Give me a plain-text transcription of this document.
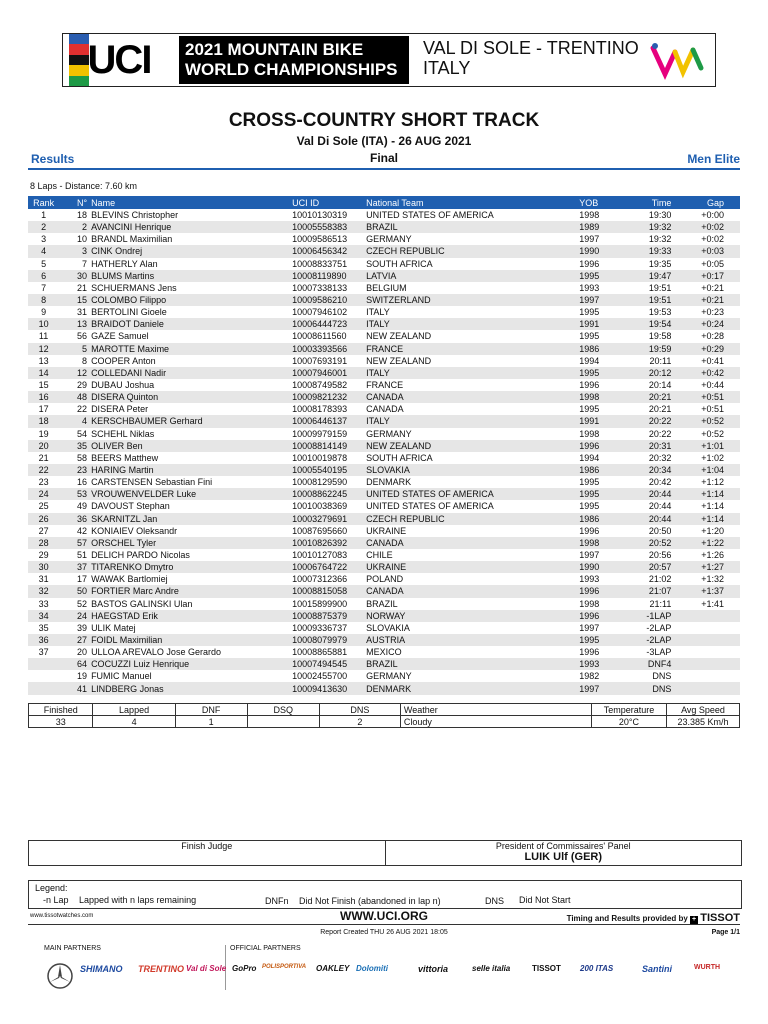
UCI 2021 MOUNTAIN BIKE
WORLD CHAMPIONSHIPS
VAL DI SOLE - TRENTINO
ITALY
CROSS-COUNTRY SHORT TRACK
Val Di Sole (ITA) - 26 AUG 2021
Results	Final	Men Elite
8 Laps - Distance: 7.60 km
Rank	N°	Name	UCI ID	National Team	YOB	Time	Gap
1	18	BLEVINS Christopher	10010130319	UNITED STATES OF AMERICA	1998	19:30	+0:00
2	2	AVANCINI Henrique	10005558383	BRAZIL	1989	19:32	+0:02
3	10	BRANDL Maximilian	10009586513	GERMANY	1997	19:32	+0:02
4	3	CINK Ondrej	10006456342	CZECH REPUBLIC	1990	19:33	+0:03
5	7	HATHERLY Alan	10008833751	SOUTH AFRICA	1996	19:35	+0:05
6	30	BLUMS Martins	10008119890	LATVIA	1995	19:47	+0:17
7	21	SCHUERMANS Jens	10007338133	BELGIUM	1993	19:51	+0:21
8	15	COLOMBO Filippo	10009586210	SWITZERLAND	1997	19:51	+0:21
9	31	BERTOLINI Gioele	10007946102	ITALY	1995	19:53	+0:23
10	13	BRAIDOT Daniele	10006444723	ITALY	1991	19:54	+0:24
11	56	GAZE Samuel	10008611560	NEW ZEALAND	1995	19:58	+0:28
12	5	MAROTTE Maxime	10003393566	FRANCE	1986	19:59	+0:29
13	8	COOPER Anton	10007693191	NEW ZEALAND	1994	20:11	+0:41
14	12	COLLEDANI Nadir	10007946001	ITALY	1995	20:12	+0:42
15	29	DUBAU Joshua	10008749582	FRANCE	1996	20:14	+0:44
16	48	DISERA Quinton	10009821232	CANADA	1998	20:21	+0:51
17	22	DISERA Peter	10008178393	CANADA	1995	20:21	+0:51
18	4	KERSCHBAUMER Gerhard	10006446137	ITALY	1991	20:22	+0:52
19	54	SCHEHL Niklas	10009979159	GERMANY	1998	20:22	+0:52
20	35	OLIVER Ben	10008814149	NEW ZEALAND	1996	20:31	+1:01
21	58	BEERS Matthew	10010019878	SOUTH AFRICA	1994	20:32	+1:02
22	23	HARING Martin	10005540195	SLOVAKIA	1986	20:34	+1:04
23	16	CARSTENSEN Sebastian Fini	10008129590	DENMARK	1995	20:42	+1:12
24	53	VROUWENVELDER Luke	10008862245	UNITED STATES OF AMERICA	1995	20:44	+1:14
25	49	DAVOUST Stephan	10010038369	UNITED STATES OF AMERICA	1995	20:44	+1:14
26	36	SKARNITZL Jan	10003279691	CZECH REPUBLIC	1986	20:44	+1:14
27	42	KONIAIEV Oleksandr	10087695660	UKRAINE	1996	20:50	+1:20
28	57	ORSCHEL Tyler	10010826392	CANADA	1998	20:52	+1:22
29	51	DELICH PARDO Nicolas	10010127083	CHILE	1997	20:56	+1:26
30	37	TITARENKO Dmytro	10006764722	UKRAINE	1990	20:57	+1:27
31	17	WAWAK Bartlomiej	10007312366	POLAND	1993	21:02	+1:32
32	50	FORTIER Marc Andre	10008815058	CANADA	1996	21:07	+1:37
33	52	BASTOS GALINSKI Ulan	10015899900	BRAZIL	1998	21:11	+1:41
34	24	HAEGSTAD Erik	10008875379	NORWAY	1996	-1LAP	
35	39	ULIK Matej	10009336737	SLOVAKIA	1997	-2LAP	
36	27	FOIDL Maximilian	10008079979	AUSTRIA	1995	-2LAP	
37	20	ULLOA AREVALO Jose Gerardo	10008865881	MEXICO	1996	-3LAP	
	64	COCUZZI Luiz Henrique	10007494545	BRAZIL	1993	DNF4	
	19	FUMIC Manuel	10002455700	GERMANY	1982	DNS	
	41	LINDBERG Jonas	10009413630	DENMARK	1997	DNS	
Finished	Lapped	DNF	DSQ	DNS	Weather	Temperature	Avg Speed
33	4	1		2	Cloudy	20°C	23.385 Km/h
Finish Judge	President of Commissaires' Panel
LUIK Ulf (GER)
Legend:
-n Lap Lapped with n laps remaining	DNFn Did Not Finish (abandoned in lap n)	DNS Did Not Start
www.tissotwatches.com	WWW.UCI.ORG	Timing and Results provided by + TISSOT
Report Created THU 26 AUG 2021 18:05	Page 1/1
MAIN PARTNERS	OFFICIAL PARTNERS
SHIMANO TRENTINO Val di Sole GoPro POLISPORTIVA OAKLEY Dolomiti	vittoria	selle italia	TISSOT 200 ITAS	Santini	WURTH
